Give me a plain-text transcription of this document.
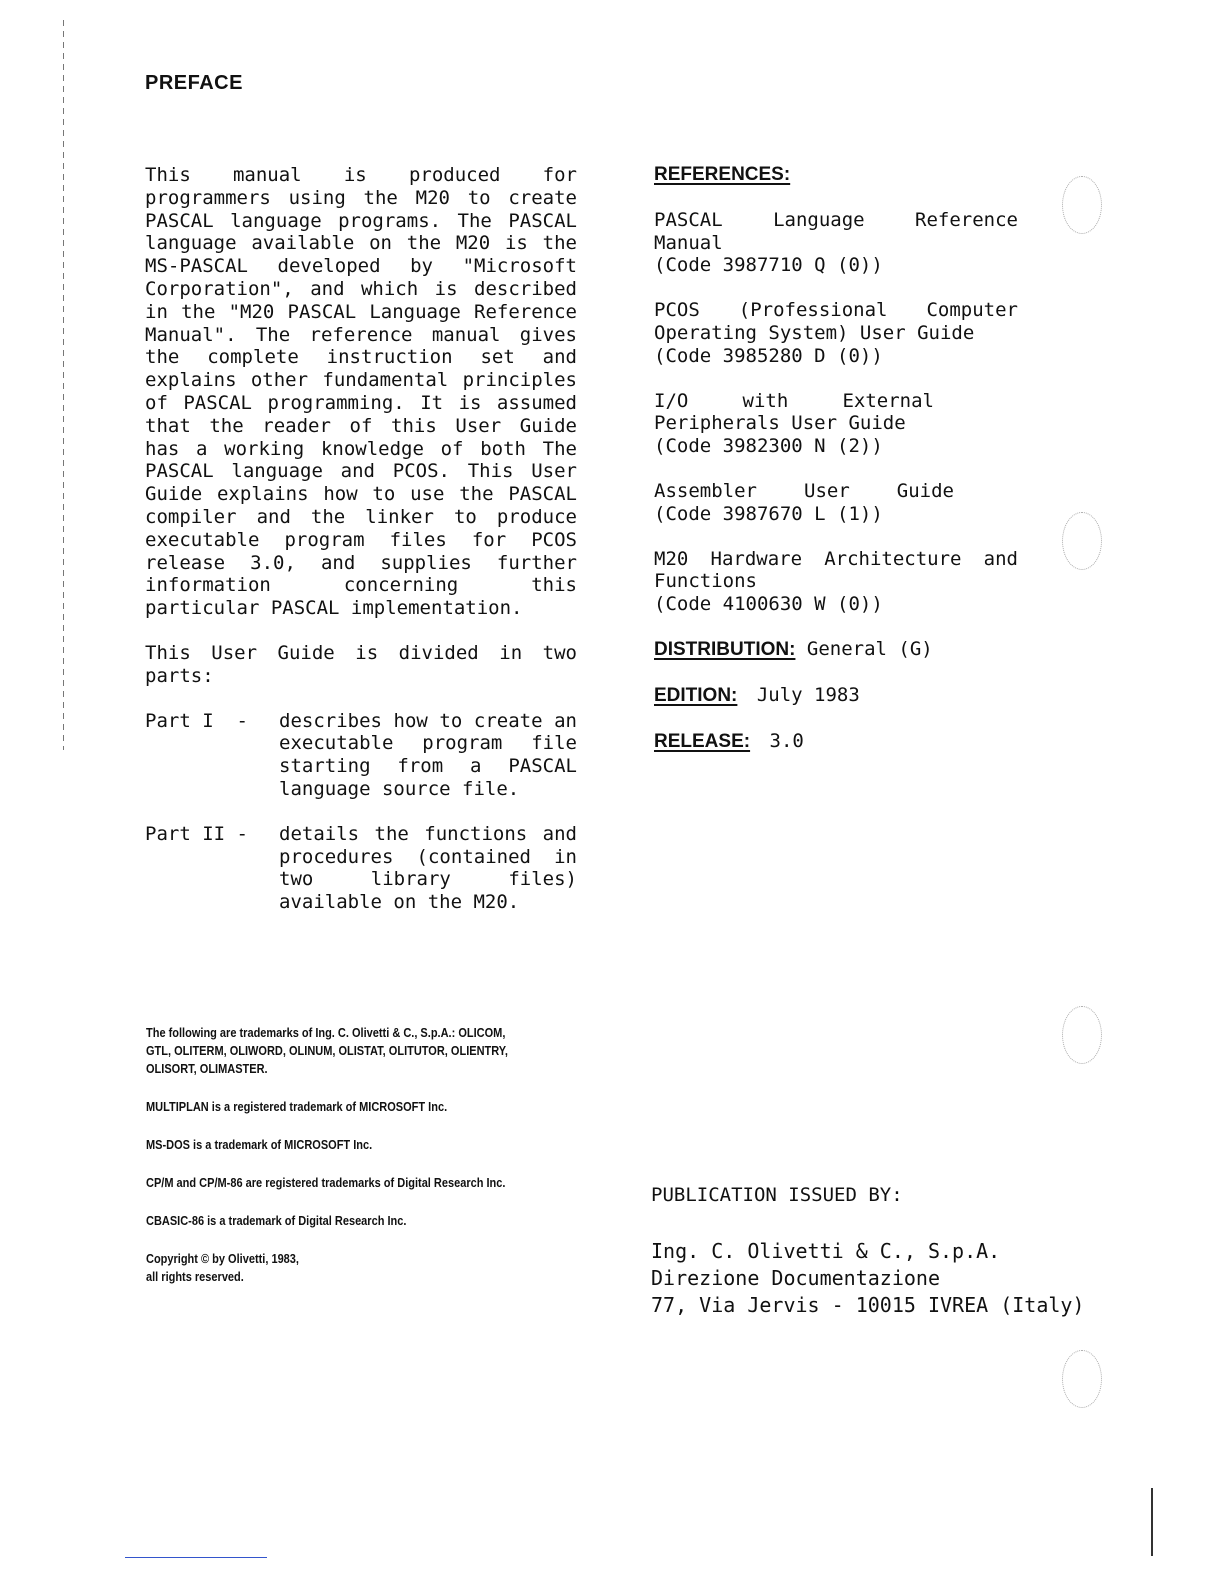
PREFACE

This manual is produced for programmers using the M20 to create PASCAL language programs. The PASCAL language available on the M20 is the MS-PASCAL developed by "Microsoft Corporation", and which is described in the "M20 PASCAL Language Reference Manual". The reference manual gives the complete instruction set and explains other fundamental principles of PASCAL programming. It is assumed that the reader of this User Guide has a working knowledge of both The PASCAL language and PCOS. This User Guide explains how to use the PASCAL compiler and the linker to produce executable program files for PCOS release 3.0, and supplies further information concerning this particular PASCAL implementation.

This User Guide is divided in two parts:

Part I  -	describes how to create an executable program file starting from a PASCAL language source file.
Part II -	details the functions and procedures (contained in two library files) available on the M20.
REFERENCES:
PASCAL Language Reference Manual
(Code 3987710 Q (0))
PCOS (Professional Computer Operating System) User Guide
(Code 3985280 D (0))
I/O with External Peripherals User Guide
(Code 3982300 N (2))
Assembler User Guide
(Code 3987670 L (1))
M20 Hardware Architecture and Functions
(Code 4100630 W (0))
DISTRIBUTION: General (G)
EDITION: July 1983
RELEASE: 3.0
The following are trademarks of Ing. C. Olivetti & C., S.p.A.: OLICOM, GTL, OLITERM, OLIWORD, OLINUM, OLISTAT, OLITUTOR, OLIENTRY, OLISORT, OLIMASTER.
MULTIPLAN is a registered trademark of MICROSOFT Inc.
MS-DOS is a trademark of MICROSOFT Inc.
CP/M and CP/M-86 are registered trademarks of Digital Research Inc.
CBASIC-86 is a trademark of Digital Research Inc.
Copyright © by Olivetti, 1983,
all rights reserved.
PUBLICATION ISSUED BY:
Ing. C. Olivetti & C., S.p.A.
Direzione Documentazione
77, Via Jervis - 10015 IVREA (Italy)
